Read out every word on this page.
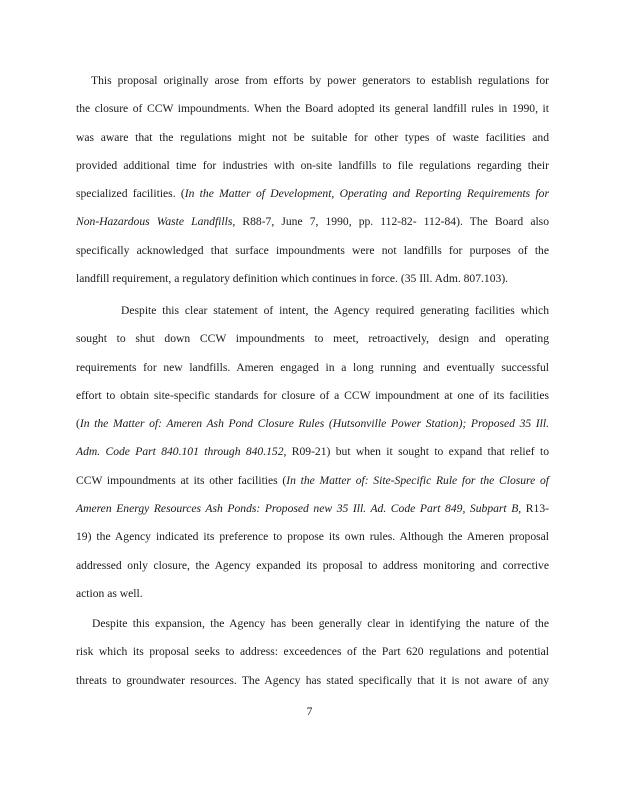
This proposal originally arose from efforts by power generators to establish regulations for
the closure of CCW impoundments. When the Board adopted its general landfill rules in 1990, it
was aware that the regulations might not be suitable for other types of waste facilities and
provided additional time for industries with on-site landfills to file regulations regarding their
specialized facilities. (In the Matter of Development, Operating and Reporting Requirements for
Non-Hazardous Waste Landfills, R88-7, June 7, 1990, pp. 112-82- 112-84). The Board also
specifically acknowledged that surface impoundments were not landfills for purposes of the
landfill requirement, a regulatory definition which continues in force. (35 Ill. Adm. 807.103).
Despite this clear statement of intent, the Agency required generating facilities which
sought to shut down CCW impoundments to meet, retroactively, design and operating
requirements for new landfills. Ameren engaged in a long running and eventually successful
effort to obtain site-specific standards for closure of a CCW impoundment at one of its facilities
(In the Matter of: Ameren Ash Pond Closure Rules (Hutsonville Power Station); Proposed 35 Ill.
Adm. Code Part 840.101 through 840.152, R09-21) but when it sought to expand that relief to
CCW impoundments at its other facilities (In the Matter of: Site-Specific Rule for the Closure of
Ameren Energy Resources Ash Ponds: Proposed new 35 Ill. Ad. Code Part 849, Subpart B, R13-
19) the Agency indicated its preference to propose its own rules. Although the Ameren proposal
addressed only closure, the Agency expanded its proposal to address monitoring and corrective
action as well.
Despite this expansion, the Agency has been generally clear in identifying the nature of the
risk which its proposal seeks to address: exceedences of the Part 620 regulations and potential
threats to groundwater resources. The Agency has stated specifically that it is not aware of any
7
